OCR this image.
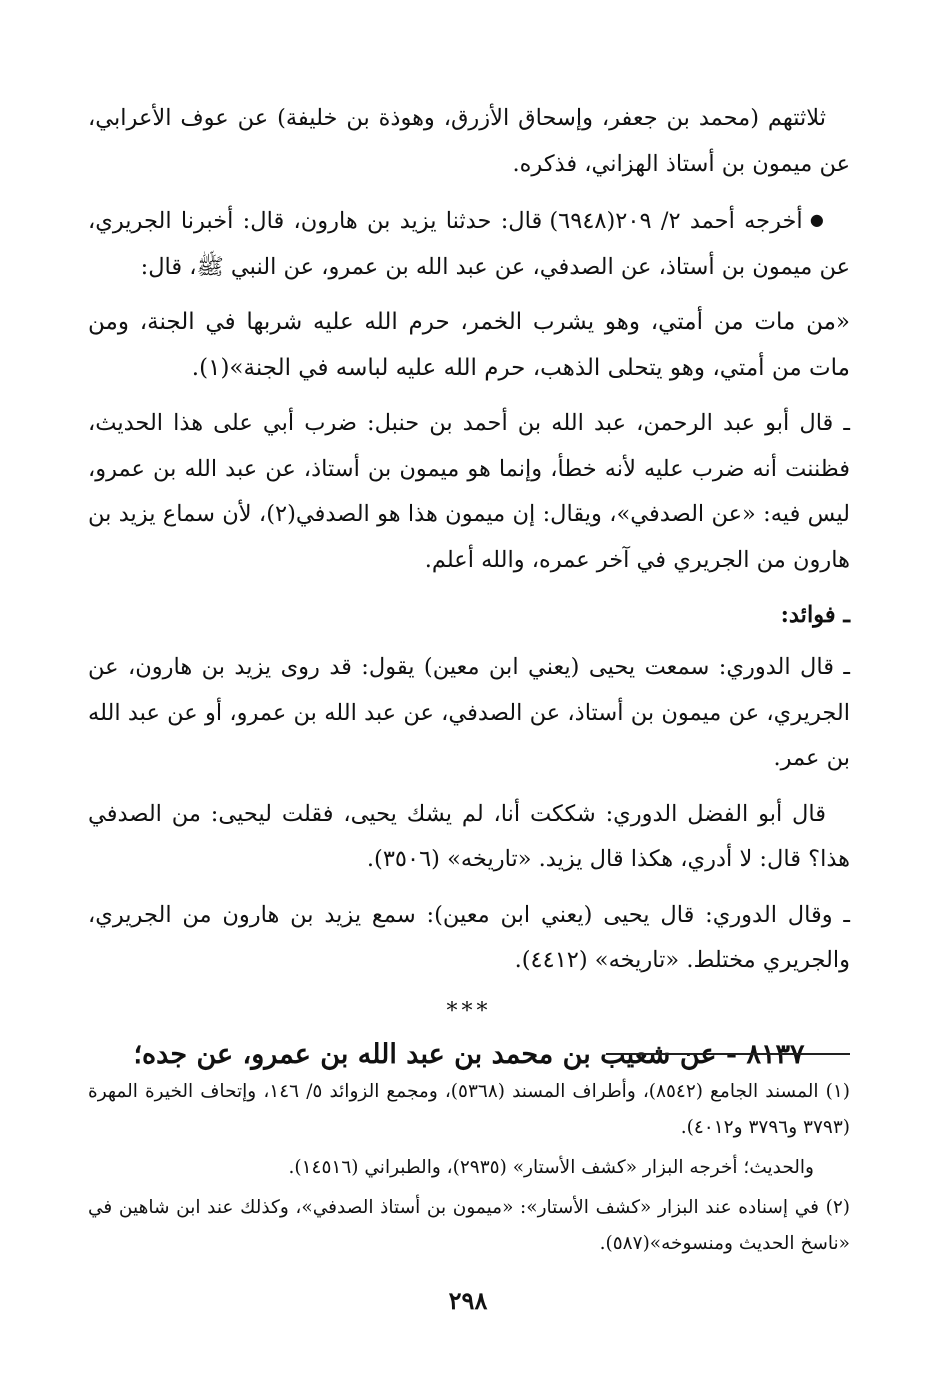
ثلاثتهم (محمد بن جعفر، وإسحاق الأزرق، وهوذة بن خليفة) عن عوف الأعرابي، عن ميمون بن أستاذ الهزاني، فذكره.

● أخرجه أحمد ٢/ ٢٠٩(٦٩٤٨) قال: حدثنا يزيد بن هارون، قال: أخبرنا الجريري، عن ميمون بن أستاذ، عن الصدفي، عن عبد الله بن عمرو، عن النبي ﷺ، قال:

«من مات من أمتي، وهو يشرب الخمر، حرم الله عليه شربها في الجنة، ومن مات من أمتي، وهو يتحلى الذهب، حرم الله عليه لباسه في الجنة»(١).

ـ قال أبو عبد الرحمن، عبد الله بن أحمد بن حنبل: ضرب أبي على هذا الحديث، فظننت أنه ضرب عليه لأنه خطأ، وإنما هو ميمون بن أستاذ، عن عبد الله بن عمرو، ليس فيه: «عن الصدفي»، ويقال: إن ميمون هذا هو الصدفي(٢)، لأن سماع يزيد بن هارون من الجريري في آخر عمره، والله أعلم.

ـ فوائد:

ـ قال الدوري: سمعت يحيى (يعني ابن معين) يقول: قد روى يزيد بن هارون، عن الجريري، عن ميمون بن أستاذ، عن الصدفي، عن عبد الله بن عمرو، أو عن عبد الله بن عمر.

قال أبو الفضل الدوري: شككت أنا، لم يشك يحيى، فقلت ليحيى: من الصدفي هذا؟ قال: لا أدري، هكذا قال يزيد. «تاريخه» (٣٥٠٦).

ـ وقال الدوري: قال يحيى (يعني ابن معين): سمع يزيد بن هارون من الجريري، والجريري مختلط. «تاريخه» (٤٤١٢).

***

٨١٣٧ - عن شعيب بن محمد بن عبد الله بن عمرو، عن جده؛

(١) المسند الجامع (٨٥٤٢)، وأطراف المسند (٥٣٦٨)، ومجمع الزوائد ٥/ ١٤٦، وإتحاف الخيرة المهرة (٣٧٩٣ و٣٧٩٦ و٤٠١٢).

والحديث؛ أخرجه البزار «كشف الأستار» (٢٩٣٥)، والطبراني (١٤٥١٦).

(٢) في إسناده عند البزار «كشف الأستار»: «ميمون بن أستاذ الصدفي»، وكذلك عند ابن شاهين في «ناسخ الحديث ومنسوخه»(٥٨٧).

٢٩٨
